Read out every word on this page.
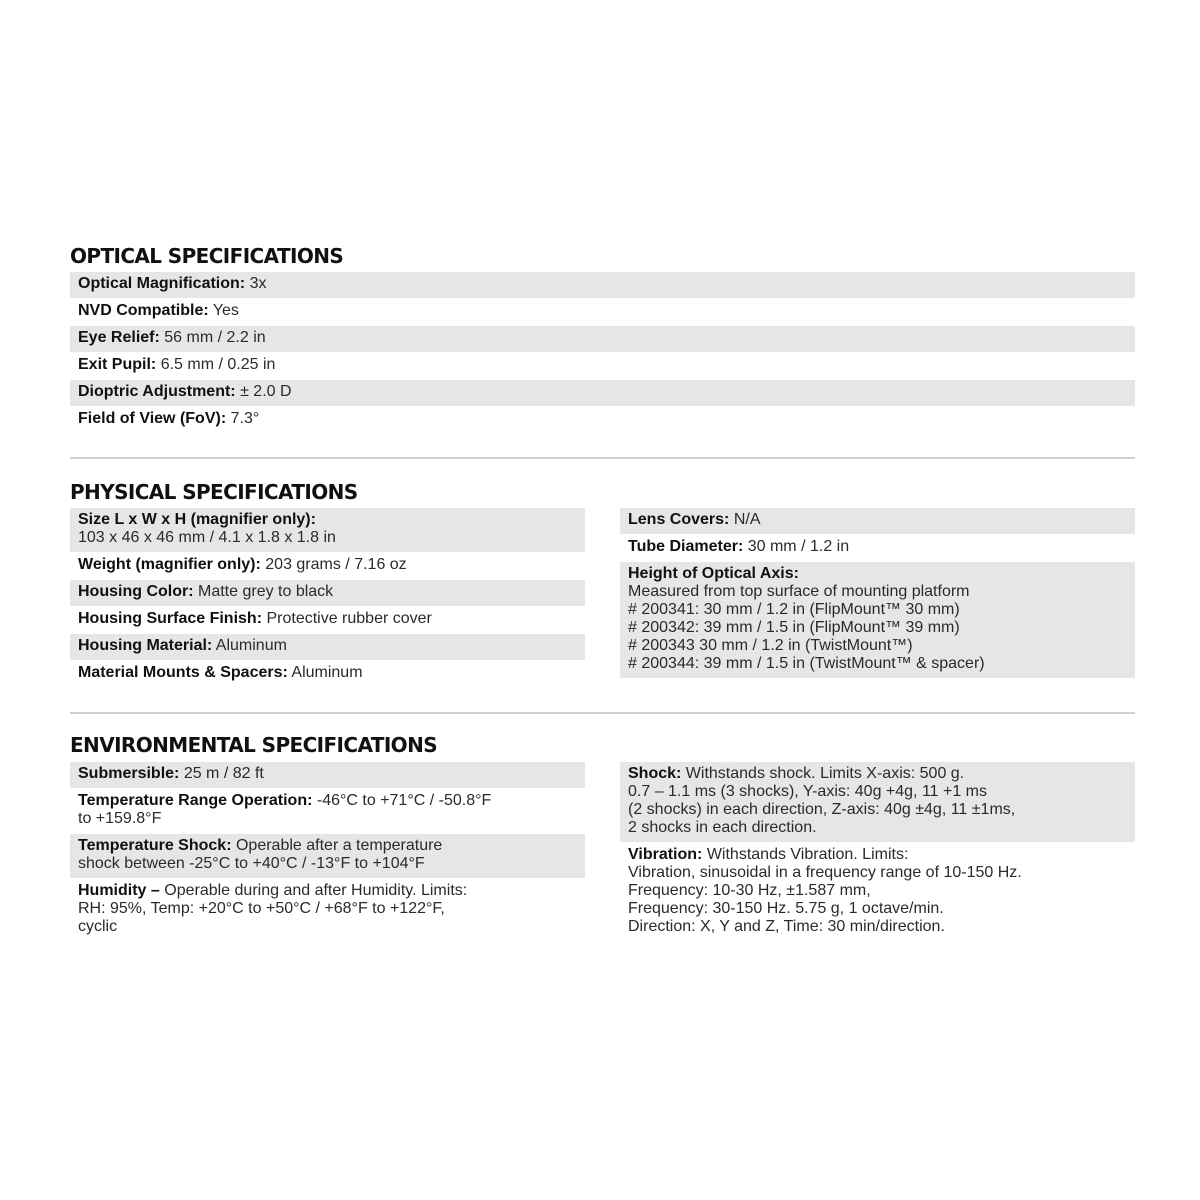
OPTICAL SPECIFICATIONS
Optical Magnification: 3x
NVD Compatible: Yes
Eye Relief: 56 mm / 2.2 in
Exit Pupil: 6.5 mm / 0.25 in
Dioptric Adjustment: ± 2.0 D
Field of View (FoV): 7.3°
PHYSICAL SPECIFICATIONS
Size L x W x H (magnifier only):
103 x 46 x 46 mm / 4.1 x 1.8 x 1.8 in
Weight (magnifier only): 203 grams / 7.16 oz
Housing Color: Matte grey to black
Housing Surface Finish: Protective rubber cover
Housing Material: Aluminum
Material Mounts & Spacers: Aluminum
Lens Covers: N/A
Tube Diameter: 30 mm / 1.2 in
Height of Optical Axis:
Measured from top surface of mounting platform
# 200341: 30 mm / 1.2 in (FlipMount™ 30 mm)
# 200342: 39 mm / 1.5 in (FlipMount™ 39 mm)
# 200343 30 mm / 1.2 in (TwistMount™)
# 200344: 39 mm / 1.5 in (TwistMount™ & spacer)
ENVIRONMENTAL SPECIFICATIONS
Submersible: 25 m / 82 ft
Temperature Range Operation: -46°C to +71°C / -50.8°F
to +159.8°F
Temperature Shock: Operable after a temperature
shock between -25°C to +40°C / -13°F to +104°F
Humidity – Operable during and after Humidity. Limits:
RH: 95%, Temp: +20°C to +50°C / +68°F to +122°F,
cyclic
Shock: Withstands shock. Limits X-axis: 500 g.
0.7 – 1.1 ms (3 shocks), Y-axis: 40g +4g, 11 +1 ms
(2 shocks) in each direction, Z-axis: 40g ±4g, 11 ±1ms,
2 shocks in each direction.
Vibration: Withstands Vibration. Limits:
Vibration, sinusoidal in a frequency range of 10-150 Hz.
Frequency: 10-30 Hz, ±1.587 mm,
Frequency: 30-150 Hz. 5.75 g, 1 octave/min.
Direction: X, Y and Z, Time: 30 min/direction.
